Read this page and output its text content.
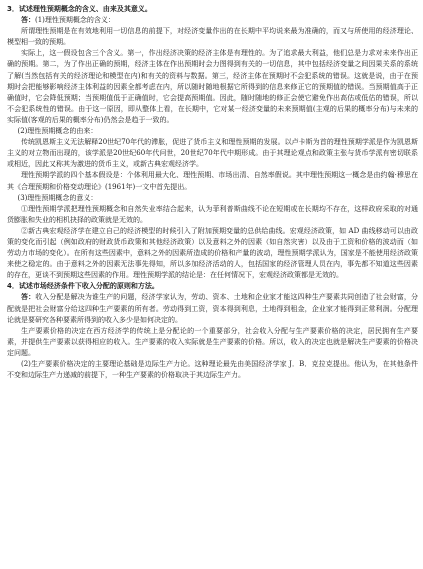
3．试述理性预期概念的含义、由来及其意义。

答：(1)理性预期概念的含义：

所谓理性预期是在有效地利用一切信息的前提下，对经济变量作出的在长期中平均说来最为准确的，而又与所使用的经济理论、模型相一致的预期。

实际上，这一假设包含三个含义。第一，作出经济决策的经济主体是有理性的。为了追求最大利益，他们总是力求对未来作出正确的预期。第二，为了作出正确的预期，经济主体在作出预期时会力图得到有关的一切信息，其中包括经济变量之间因果关系的系统了解(当然包括有关的经济理论和模型在内)和有关的资料与数据。第三，经济主体在预期时不会犯系统的错误。这就是说，由于在预期时会把能够影响经济主体利益的因素全都考虑在内，所以随时随地根据它所得到的信息来修正它的预期值的错误。当预期值高于正确值时，它会降低预期；当预期值低于正确值时，它会提高预期值。因此，随时随地的修正会使它避免作出高估或低估的错误，所以不会犯系统性的错误。由于这一原因，即从整体上看，在长期中，它对某一经济变量的未来预期值(主观的后果的概率分布)与未来的实际值(客观的后果的概率分布)仍然会是趋于一致的。

(2)理性预期概念的由来：

传统凯恩斯主义无法解释20世纪70年代的滞胀，促进了货币主义和理性预期的发展。以卢卡斯为首的理性预期学派是作为凯恩斯主义的对立物而出现的，该学派是20世纪60年代问世，20世纪70年代中期形成。由于其理论观点和政策主张与货币学派有密切联系或相近，因此又称其为激进的货币主义，或新古典宏观经济学。

理性预期学派的四个基本假设是：个体利用最大化、理性预期、市场出清、自然率假说。其中理性预期这一概念是由约翰·穆思在其《合理预期和价格变动理论》(1961年)一文中首先提出。

(3)理性预期概念的意义：

①理性预期学派把理性预期概念和自然失业率结合起来，认为菲利普斯曲线不论在短期或在长期均不存在，这样政府采取的对通货膨胀和失业的相机抉择的政策就是无效的。

②新古典宏观经济学在建立自己的经济模型的时候引入了附加预期变量的总供给曲线。宏观经济政策，如 AD 曲线移动可以由政策的变化而引起（例如政府的财政货币政策和其他经济政策）以及意料之外的因素（如自然灾害）以及由于工资和价格的波动而（如劳动力市场的变化）。在所有这些因素中，意料之外的因素所造成的价格和产量的波动，理性预期学派认为，国家是不能使用经济政策来使之稳定的。由于意料之外的因素无法事先得知，所以多加经济活动的人，包括国家的经济管理人员在内，事先都不知道这些因素的存在，更谈不到预期这些因素的作用。理性预期学派的结论是：在任何情况下，宏观经济政策都是无效的。

4．试述市场经济条件下收入分配的原则和方法。

答：收入分配是解决为谁生产的问题，经济学家认为，劳动、资本、土地和企业家才能这四种生产要素共同创造了社会财富，分配就是把社会财富分给这四种生产要素的所有者。劳动得到工资，资本得到利息，土地得到租金，企业家才能得到正常利润。分配理论就是要研究各种要素所得到的收入多少是如何决定的。

生产要素价格的决定在西方经济学的传统上是分配论的一个重要部分，社会收入分配与生产要素价格的决定，居民拥有生产要素，并提供生产要素以获得相应的收入。生产要素的收入实际就是生产要素的价格。所以，收入的决定也就是解决生产要素的价格决定问题。

(2)生产要素价格决定的主要理论基础是边际生产力论。这种理论最先由美国经济学家 J．B．克拉克提出。他认为，在其他条件不变和边际生产力递减的前提下，一种生产要素的价格取决于其边际生产力。
